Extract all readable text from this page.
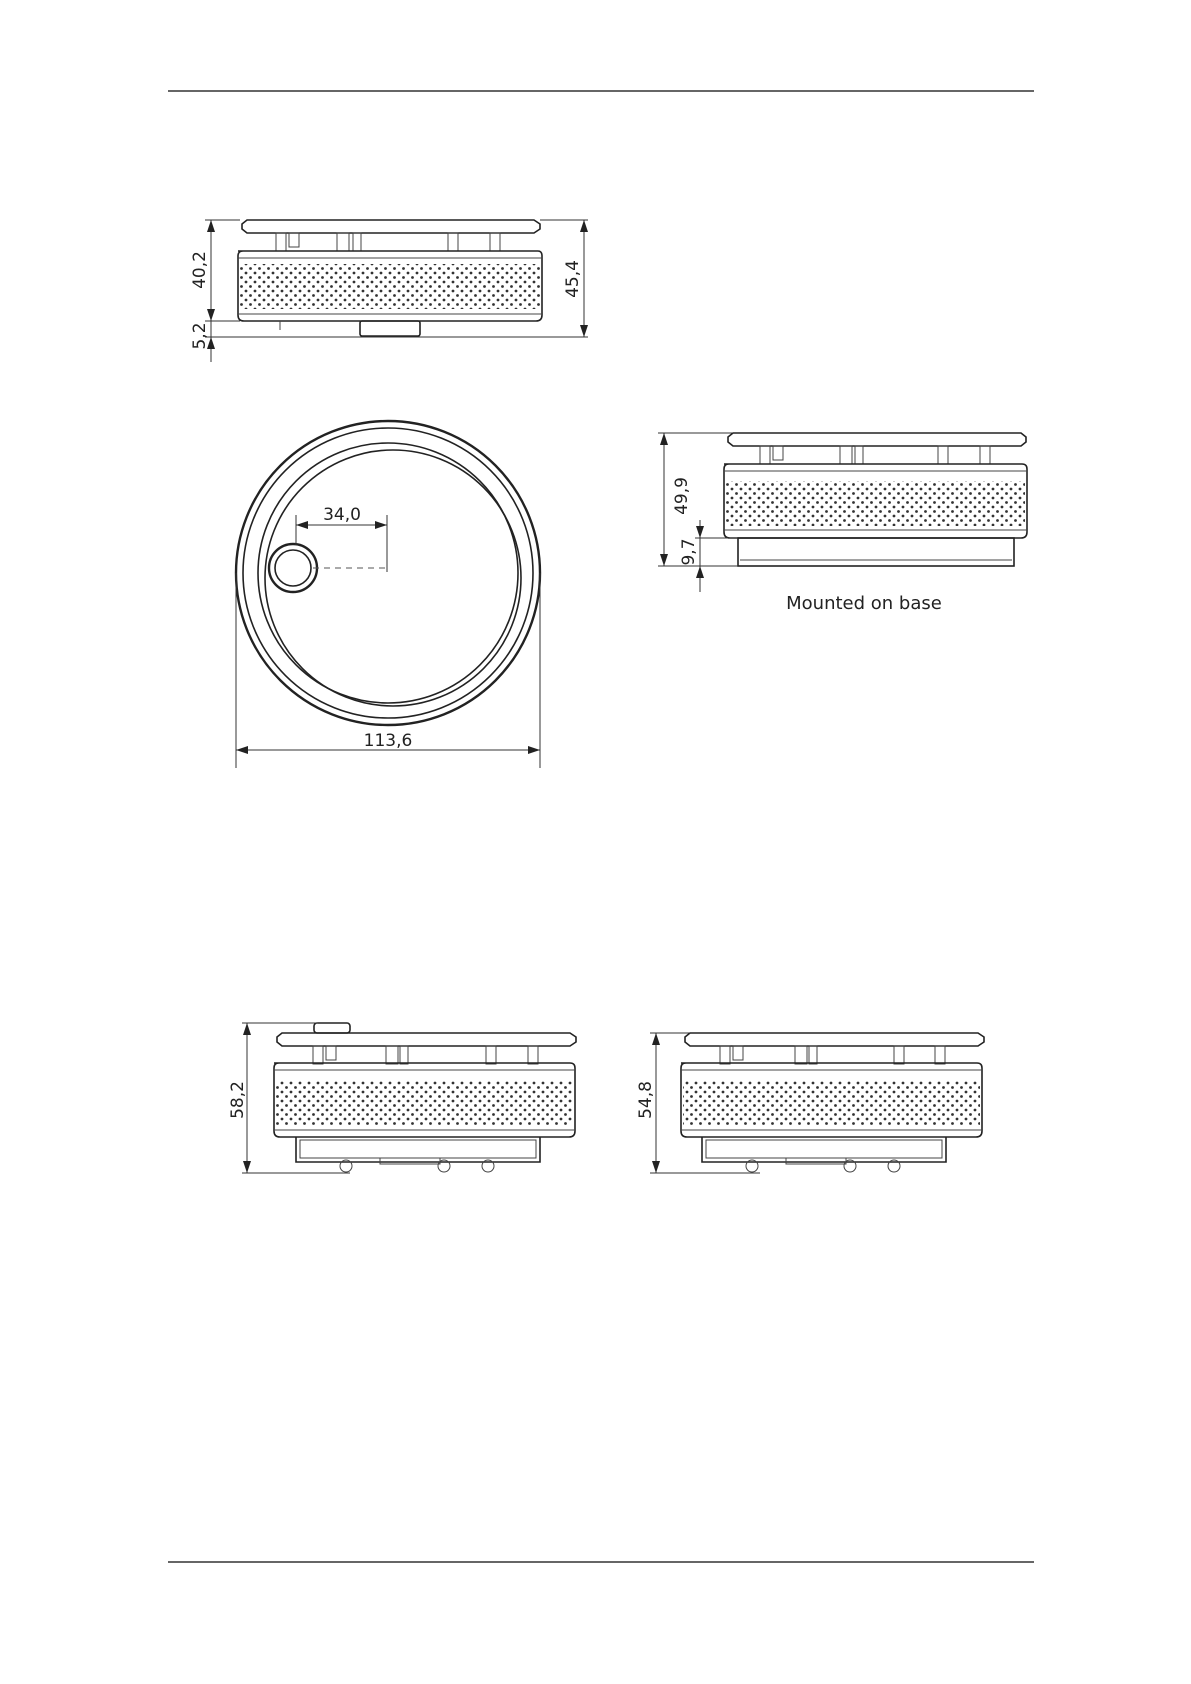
40,2	45,4
5,2
34,0
113,6
49,9
9,7
Mounted on base
58,2	54,8
